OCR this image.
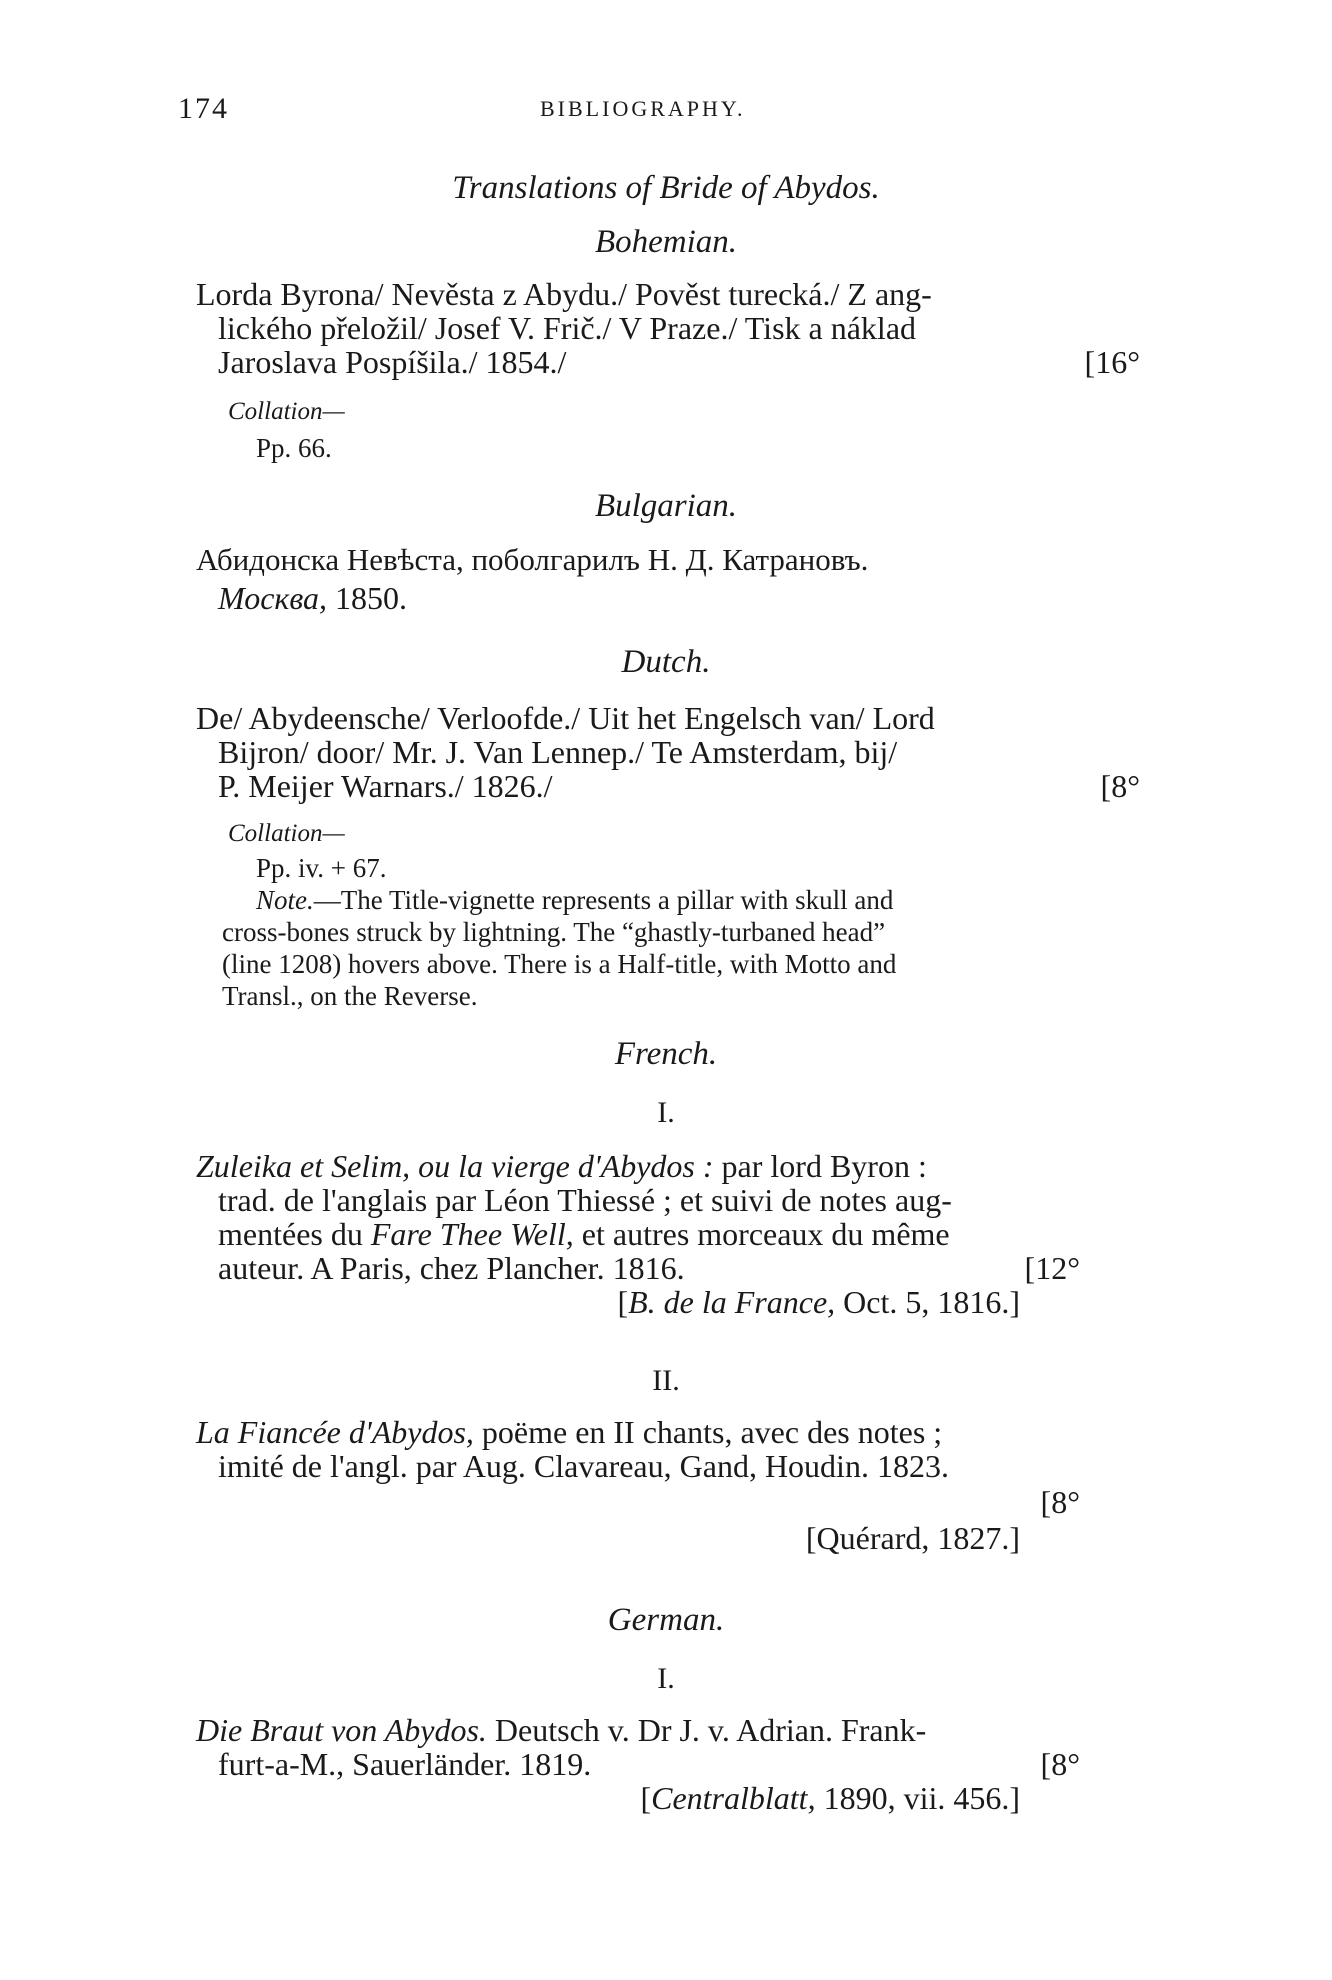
174	BIBLIOGRAPHY.
Translations of Bride of Abydos.
Bohemian.
Lorda Byrona/ Nevěsta z Abydu./ Pověst turecká./ Z ang-
lického přeložil/ Josef V. Frič./ V Praze./ Tisk a náklad
Jaroslava Pospíšila./ 1854./	[16°
Collation—
Pp. 66.
Bulgarian.
Абидонска Невѣста, поболгарилъ Н. Д. Катрановъ.
Москва, 1850.
Dutch.
De/ Abydeensche/ Verloofde./ Uit het Engelsch van/ Lord
Bijron/ door/ Mr. J. Van Lennep./ Te Amsterdam, bij/
P. Meijer Warnars./ 1826./	[8°
Collation—
Pp. iv. + 67.
Note.—The Title-vignette represents a pillar with skull and
cross-bones struck by lightning. The “ghastly-turbaned head”
(line 1208) hovers above. There is a Half-title, with Motto and
Transl., on the Reverse.
French.
I.
Zuleika et Selim, ou la vierge d'Abydos : par lord Byron :
trad. de l'anglais par Léon Thiessé ; et suivi de notes aug-
mentées du Fare Thee Well, et autres morceaux du même
auteur. A Paris, chez Plancher. 1816.	[12°
[B. de la France, Oct. 5, 1816.]
II.
La Fiancée d'Abydos, poëme en II chants, avec des notes ;
imité de l'angl. par Aug. Clavareau, Gand, Houdin. 1823.
[8°
[Quérard, 1827.]
German.
I.
Die Braut von Abydos. Deutsch v. Dr J. v. Adrian. Frank-
furt-a-M., Sauerländer. 1819.	[8°
[Centralblatt, 1890, vii. 456.]
